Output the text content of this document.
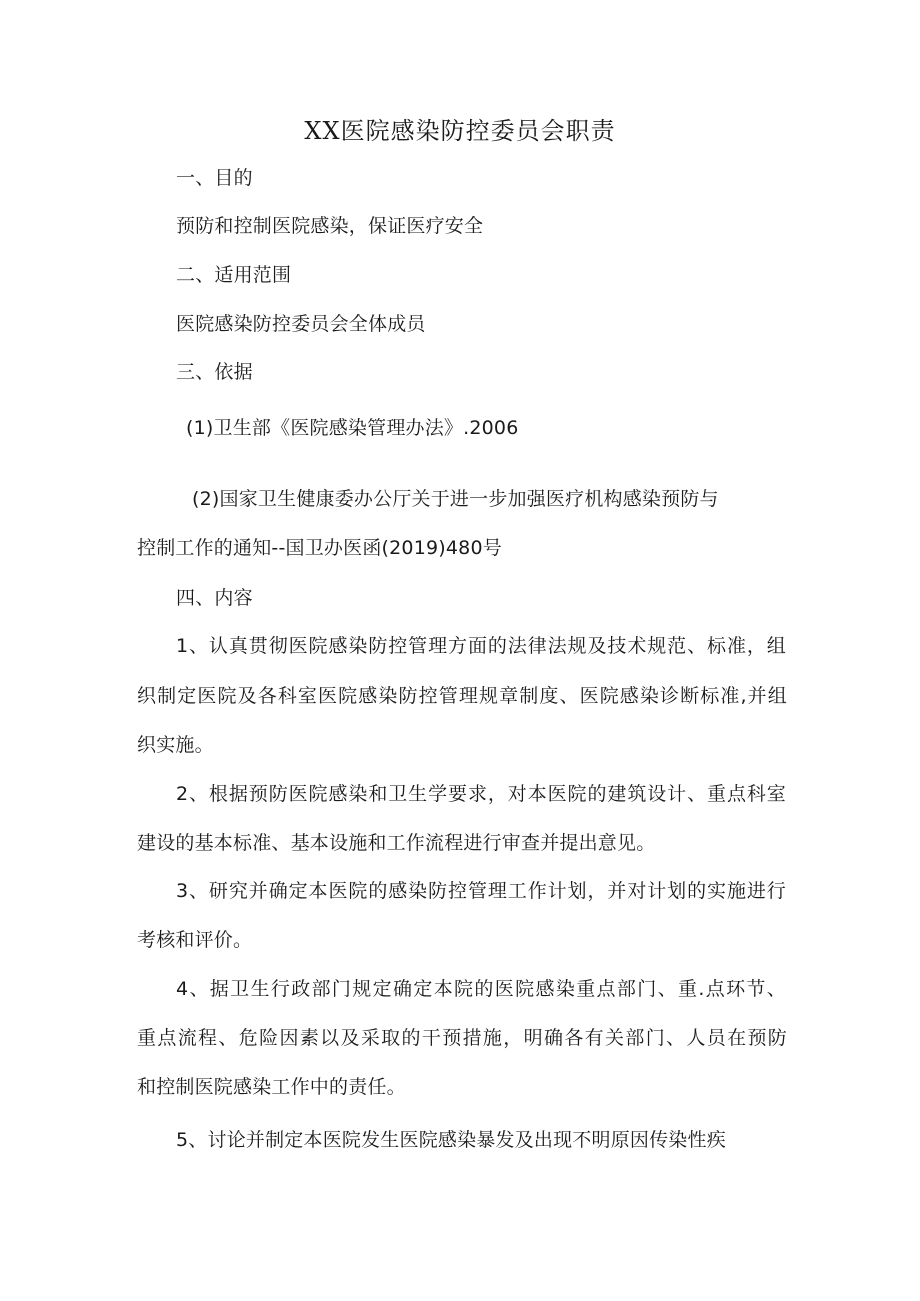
XX医院感染防控委员会职责
一、目的
预防和控制医院感染，保证医疗安全
二、适用范围
医院感染防控委员会全体成员
三、依据
(1)卫生部《医院感染管理办法》.2006
(2)国家卫生健康委办公厅关于进一步加强医疗机构感染预防与
控制工作的通知--国卫办医函(2019)480号
四、内容
1、认真贯彻医院感染防控管理方面的法律法规及技术规范、标准，组
织制定医院及各科室医院感染防控管理规章制度、医院感染诊断标准,并组
织实施。
2、根据预防医院感染和卫生学要求，对本医院的建筑设计、重点科室
建设的基本标准、基本设施和工作流程进行审查并提出意见。
3、研究并确定本医院的感染防控管理工作计划，并对计划的实施进行
考核和评价。
4、据卫生行政部门规定确定本院的医院感染重点部门、重.点环节、
重点流程、危险因素以及采取的干预措施，明确各有关部门、人员在预防
和控制医院感染工作中的责任。
5、讨论并制定本医院发生医院感染暴发及出现不明原因传染性疾
